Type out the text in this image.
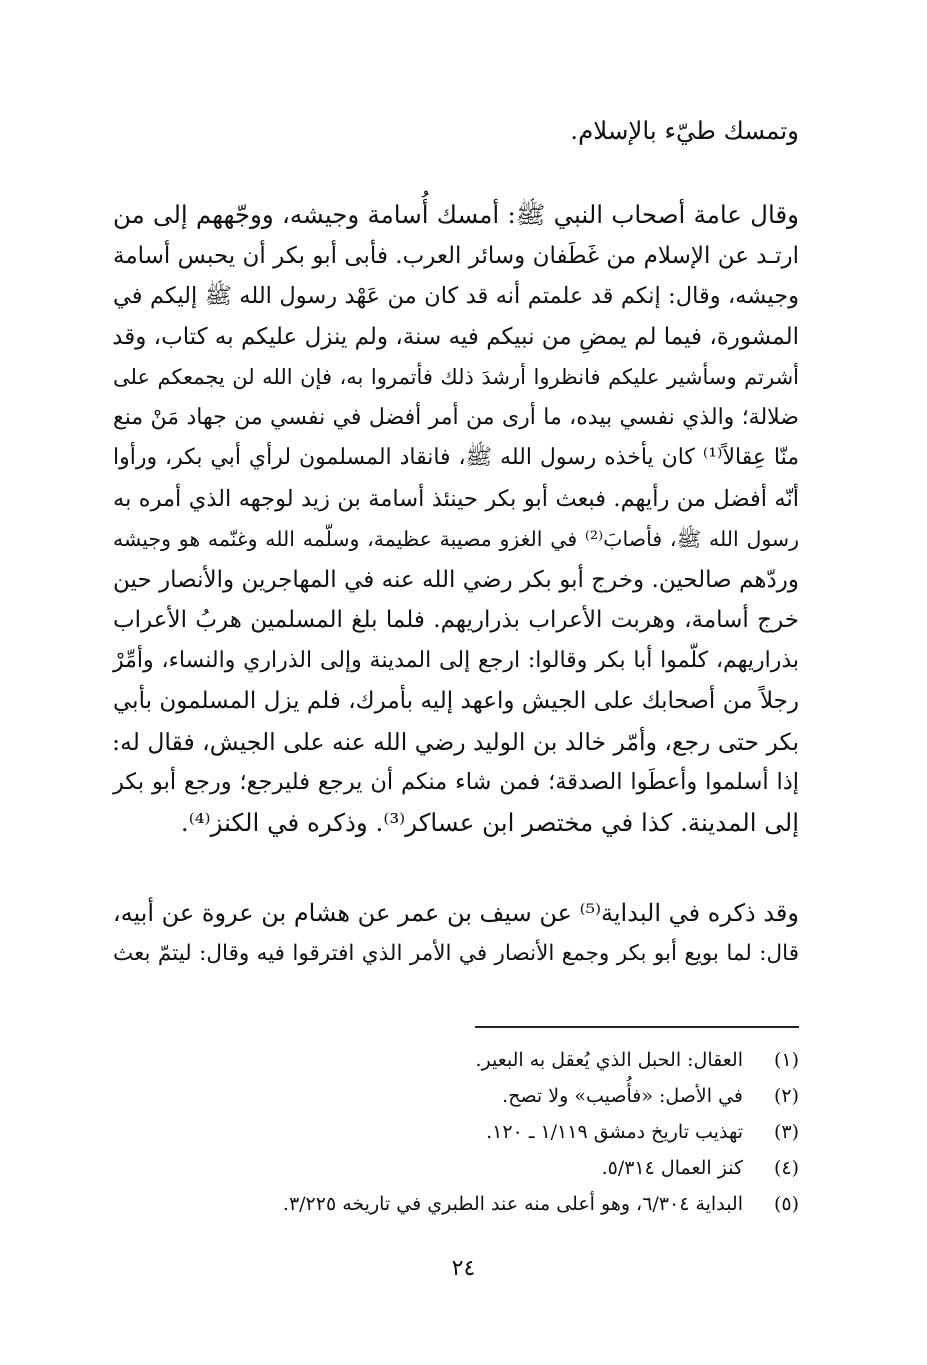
وتمسك طيّء بالإسلام.
وقال عامة أصحاب النبي ﷺ: أمسك أُسامة وجيشه، ووجّههم إلى من
ارتـد عن الإسلام من غَطَفان وسائر العرب. فأبى أبو بكر أن يحبس أسامة
وجيشه، وقال: إنكم قد علمتم أنه قد كان من عَهْد رسول الله ﷺ إليكم في
المشورة، فيما لم يمضِ من نبيكم فيه سنة، ولم ينزل عليكم به كتاب، وقد
أشرتم وسأشير عليكم فانظروا أرشدَ ذلك فأتمروا به، فإن الله لن يجمعكم على
ضلالة؛ والذي نفسي بيده، ما أرى من أمر أفضل في نفسي من جهاد مَنْ منع
منّا عِقالاً⁽¹⁾ كان يأخذه رسول الله ﷺ، فانقاد المسلمون لرأي أبي بكر، ورأوا
أنّه أفضل من رأيهم. فبعث أبو بكر حينئذ أسامة بن زيد لوجهه الذي أمره به
رسول الله ﷺ، فأصابَ⁽²⁾ في الغزو مصيبة عظيمة، وسلّمه الله وغنّمه هو وجيشه
وردّهم صالحين. وخرج أبو بكر رضي الله عنه في المهاجرين والأنصار حين
خرج أسامة، وهربت الأعراب بذراريهم. فلما بلغ المسلمين هربُ الأعراب
بذراريهم، كلّموا أبا بكر وقالوا: ارجع إلى المدينة وإلى الذراري والنساء، وأمِّرْ
رجلاً من أصحابك على الجيش واعهد إليه بأمرك، فلم يزل المسلمون بأبي
بكر حتى رجع، وأمّر خالد بن الوليد رضي الله عنه على الجيش، فقال له:
إذا أسلموا وأعطَوا الصدقة؛ فمن شاء منكم أن يرجع فليرجع؛ ورجع أبو بكر
إلى المدينة. كذا في مختصر ابن عساكر⁽³⁾. وذكره في الكنز⁽⁴⁾.
وقد ذكره في البداية⁽⁵⁾ عن سيف بن عمر عن هشام بن عروة عن أبيه،
قال: لما بويع أبو بكر وجمع الأنصار في الأمر الذي افترقوا فيه وقال: ليتمّ بعث
(١)
العقال: الحبل الذي يُعقل به البعير.
(٢)
في الأصل: «فأُصيب» ولا تصح.
(٣)
تهذيب تاريخ دمشق ١/١١٩ ـ ١٢٠.
(٤)
كنز العمال ٥/٣١٤.
(٥)
البداية ٦/٣٠٤، وهو أعلى منه عند الطبري في تاريخه ٣/٢٢٥.
٢٤
